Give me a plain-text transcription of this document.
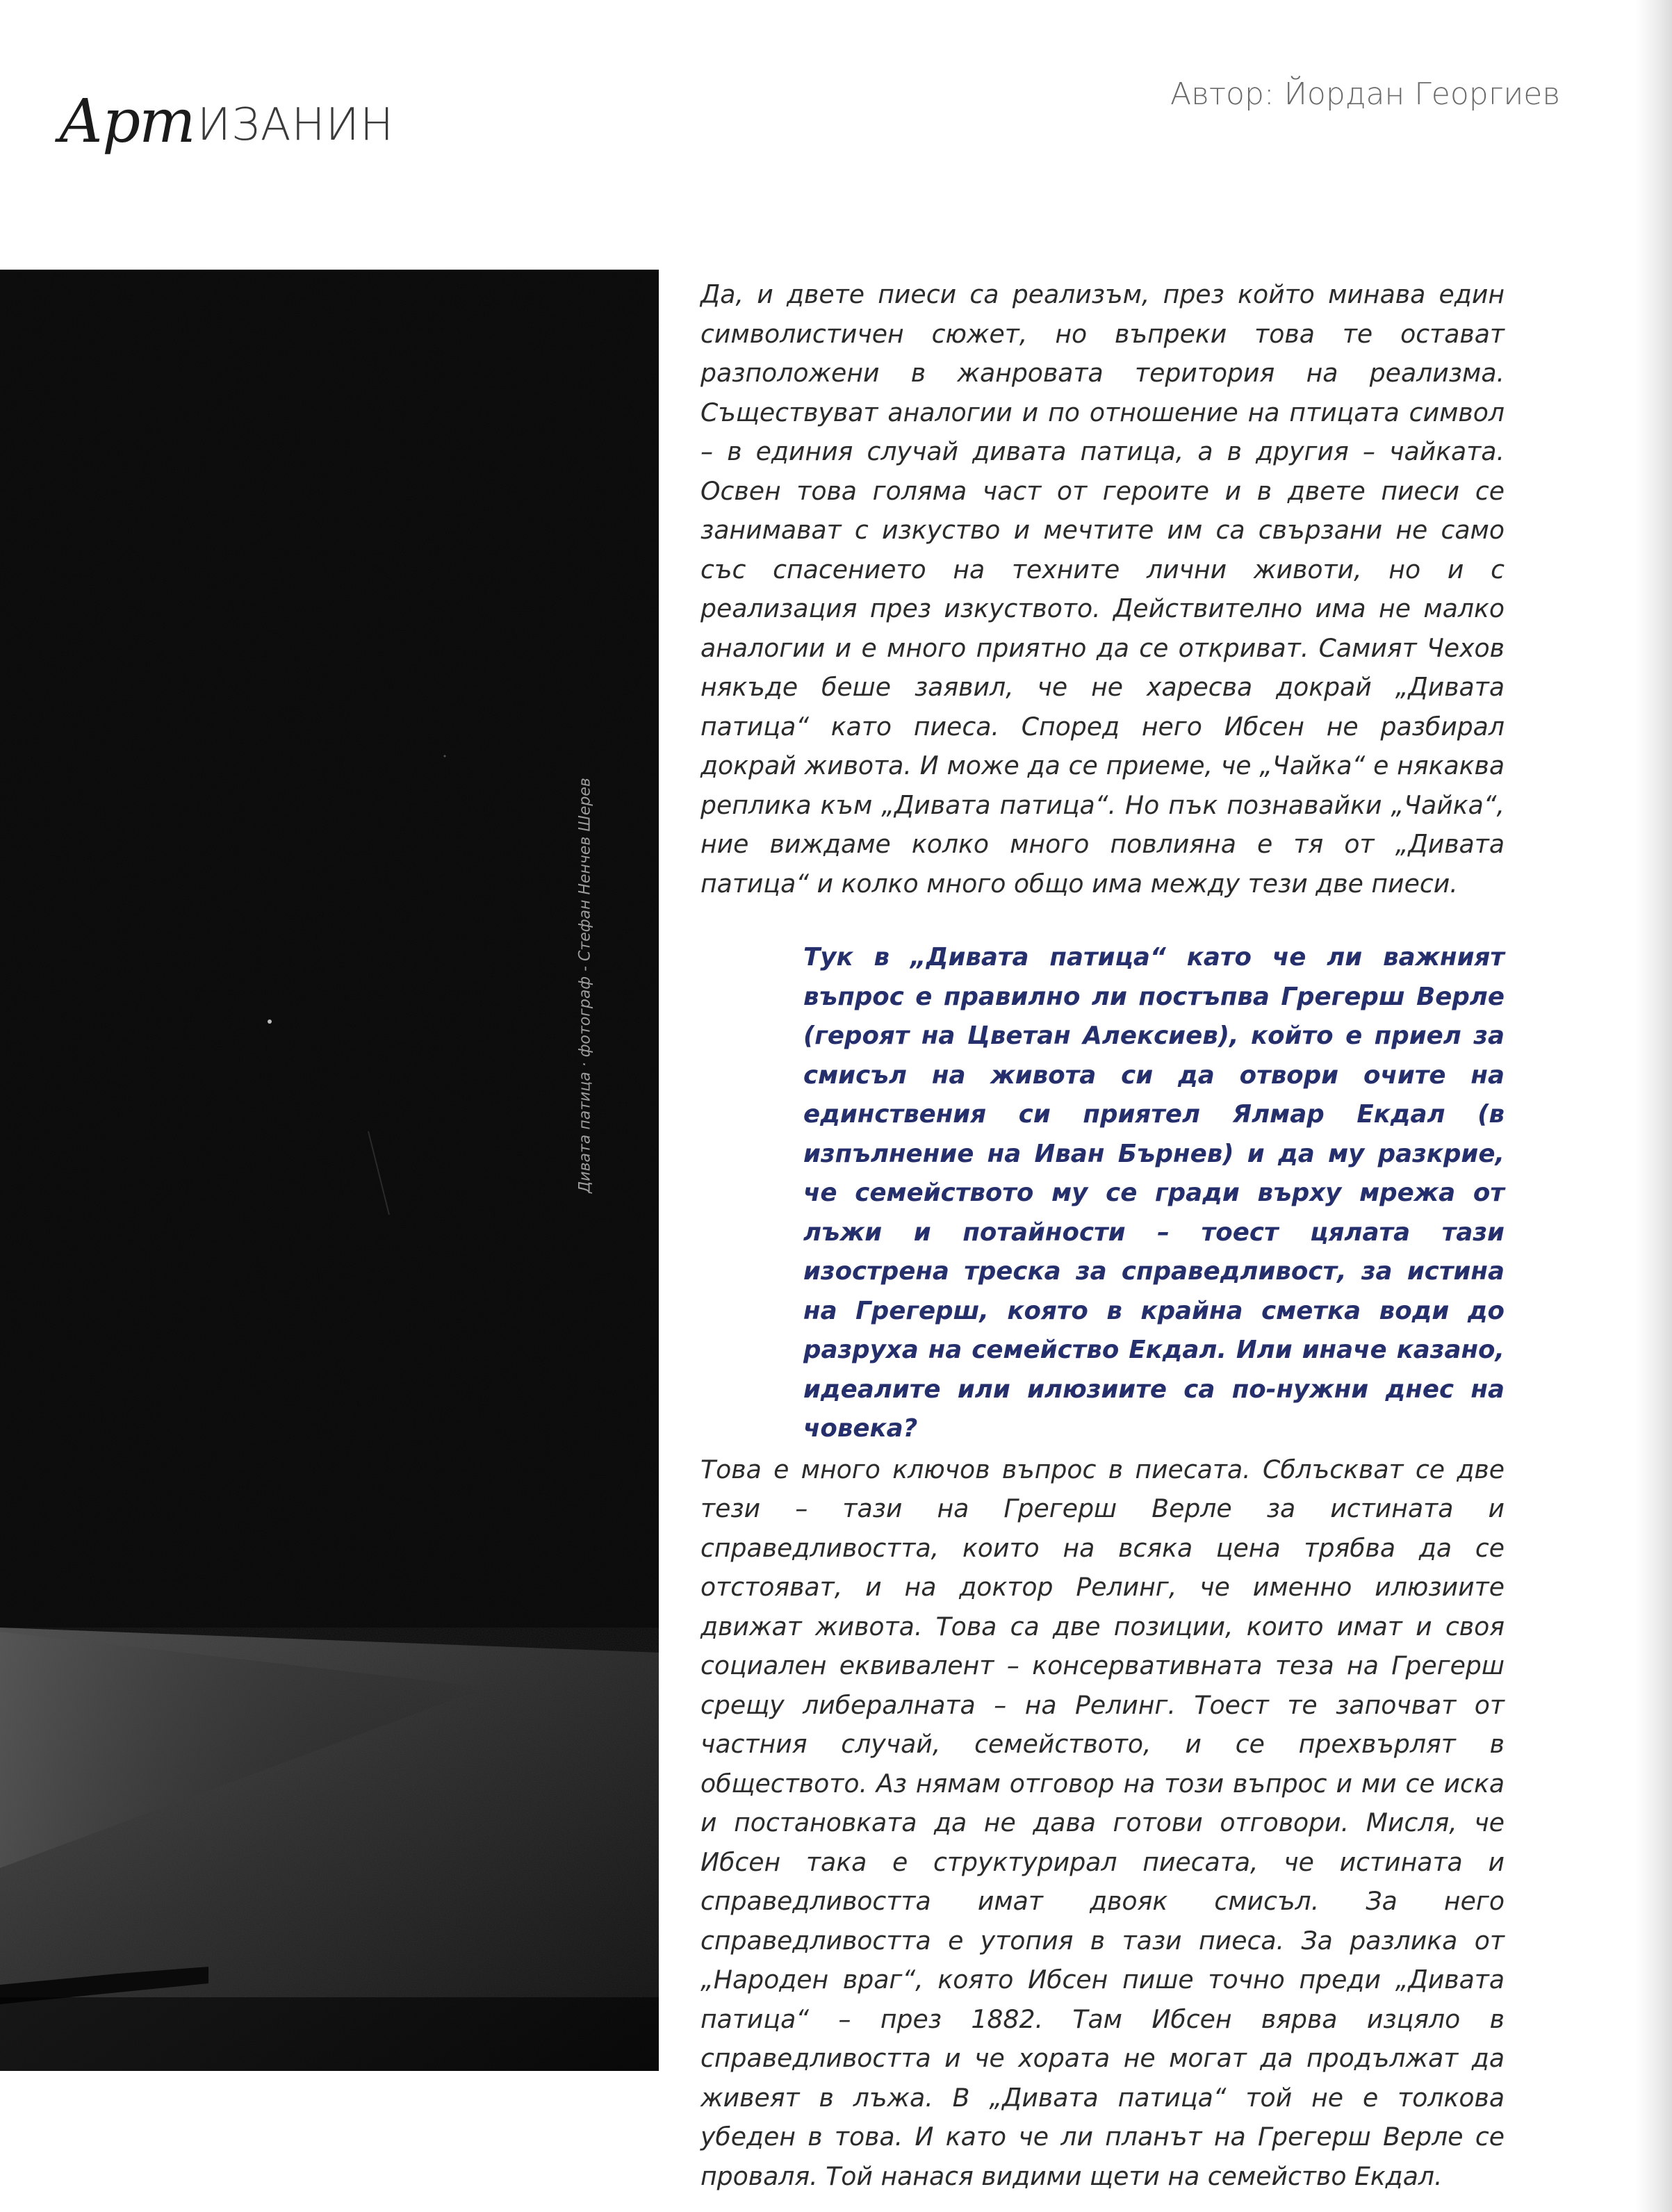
Арт ИЗАНИН
Автор: Йордан Георгиев
Дивата патица · фотограф - Стефан Ненчев Шерев

Да, и двете пиеси са реализъм, през който минава един символистичен сюжет, но въпреки това те остават разположени в жанровата територия на реализма. Съществуват аналогии и по отношение на птицата символ – в единия случай дивата патица, а в другия – чайката. Освен това голяма част от героите и в двете пиеси се занимават с изкуство и мечтите им са свързани не само със спасението на техните лични животи, но и с реализация през изкуството. Действително има не малко аналогии и е много приятно да се откриват. Самият Чехов някъде беше заявил, че не харесва докрай „Дивата патица“ като пиеса. Според него Ибсен не разбирал докрай живота. И може да се приеме, че „Чайка“ е някаква реплика към „Дивата патица“. Но пък познавайки „Чайка“, ние виждаме колко много повлияна е тя от „Дивата патица“ и колко много общо има между тези две пиеси.

Тук в „Дивата патица“ като че ли важният въпрос е правилно ли постъпва Грегерш Верле (героят на Цветан Алексиев), който е приел за смисъл на живота си да отвори очите на единствения си приятел Ялмар Екдал (в изпълнение на Иван Бърнев) и да му разкрие, че семейството му се гради върху мрежа от лъжи и потайности – тоест цялата тази изострена треска за справедливост, за истина на Грегерш, която в крайна сметка води до разруха на семейство Екдал. Или иначе казано, идеалите или илюзиите са по-нужни днес на човека?

Това е много ключов въпрос в пиесата. Сблъскват се две тези – тази на Грегерш Верле за истината и справедливостта, които на всяка цена трябва да се отстояват, и на доктор Релинг, че именно илюзиите движат живота. Това са две позиции, които имат и своя социален еквивалент – консервативната теза на Грегерш срещу либералната – на Релинг. Тоест те започват от частния случай, семейството, и се прехвърлят в обществото. Аз нямам отговор на този въпрос и ми се иска и постановката да не дава готови отговори. Мисля, че Ибсен така е структурирал пиесата, че истината и справедливостта имат двояк смисъл. За него справедливостта е утопия в тази пиеса. За разлика от „Народен враг“, която Ибсен пише точно преди „Дивата патица“ – през 1882. Там Ибсен вярва изцяло в справедливостта и че хората не могат да продължат да живеят в лъжа. В „Дивата патица“ той не е толкова убеден в това. И като че ли планът на Грегерш Верле се проваля. Той нанася видими щети на семейство Екдал.
